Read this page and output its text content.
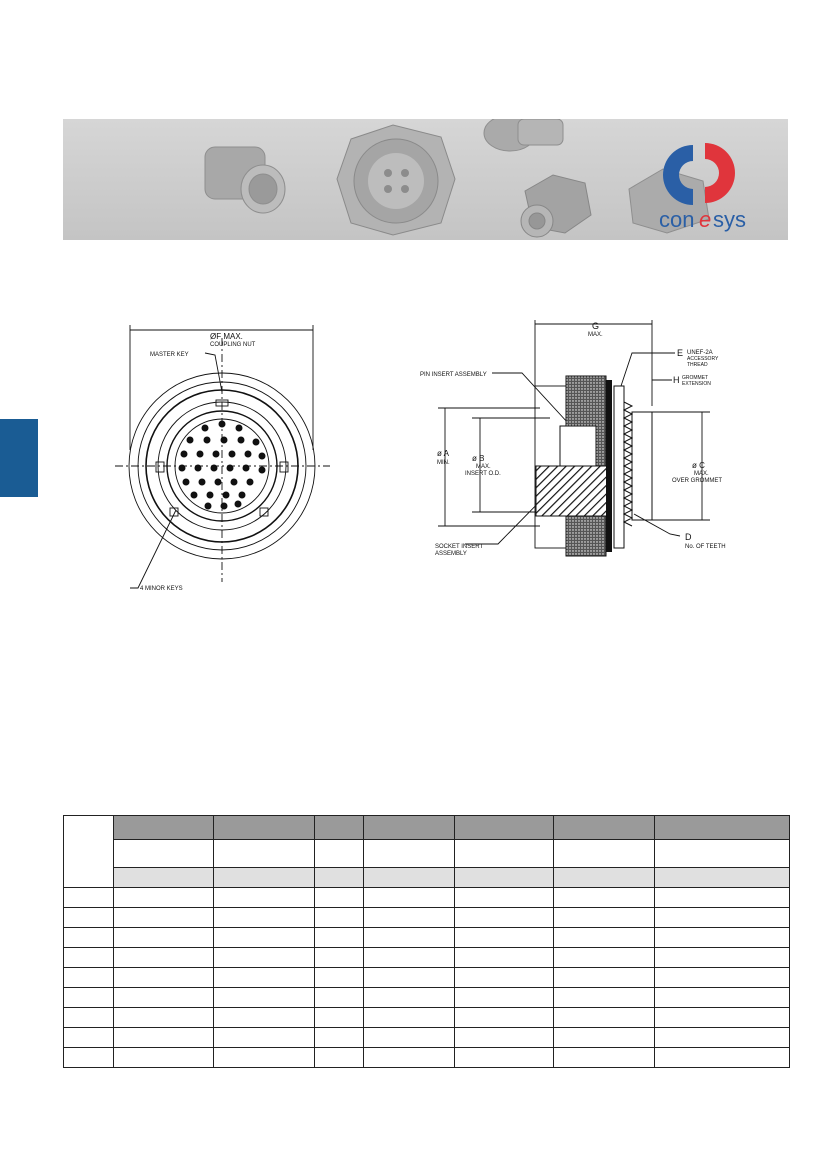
con e sys
ØF MAX.
COUPLING NUT
MASTER KEY
4 MINOR KEYS
G
MAX.
E UNEF-2A
ACCESSORY
THREAD
H GROMMET
EXTENSION
PIN INSERT ASSEMBLY
ø A
MIN.	ø B
MAX.
INSERT O.D.
ø C
MAX.
OVER GROMMET
D
No. OF TEETH
SOCKET INSERT
ASSEMBLY
